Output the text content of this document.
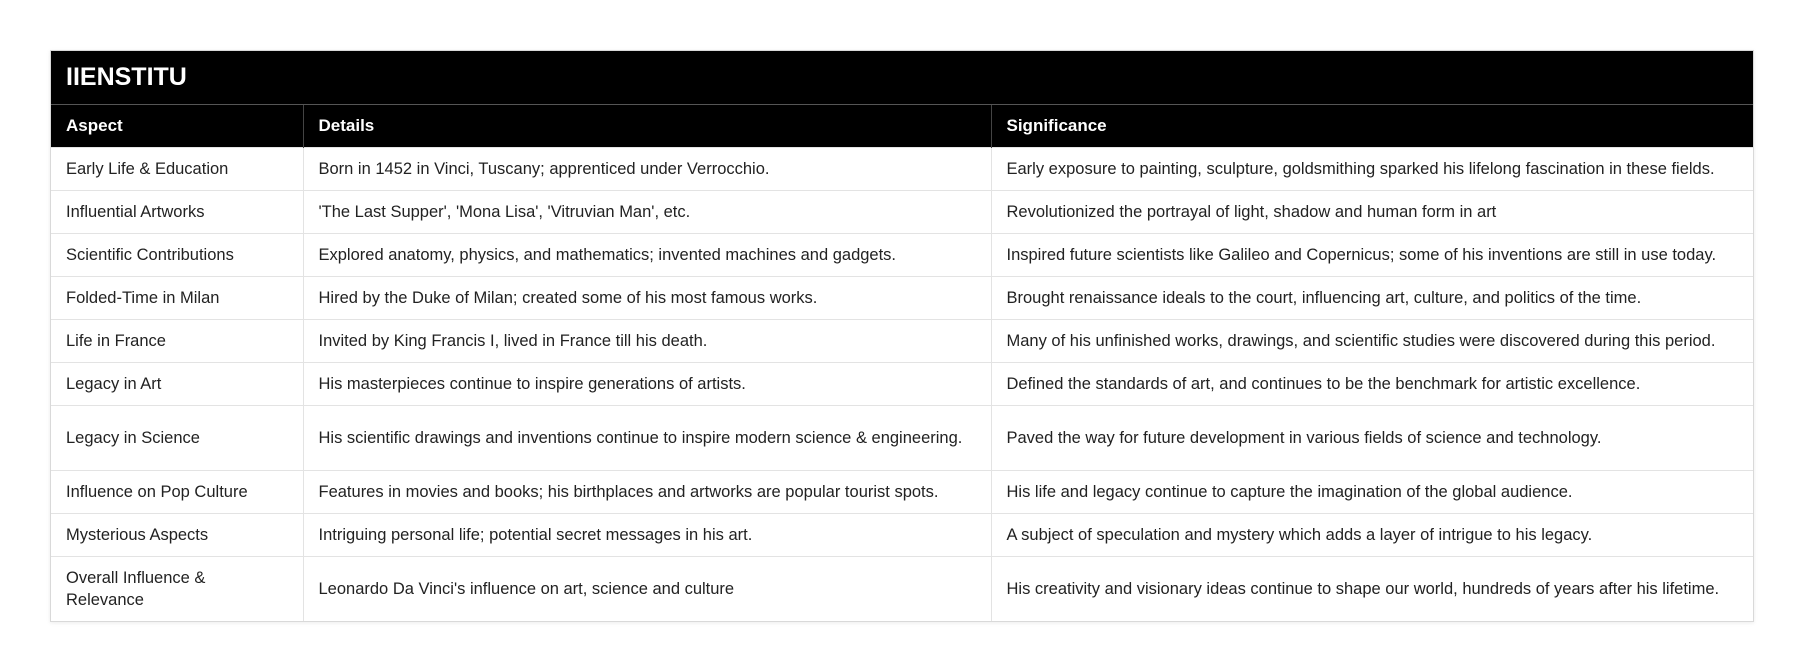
IIENSTITU		
Aspect	Details	Significance
Early Life & Education	Born in 1452 in Vinci, Tuscany; apprenticed under Verrocchio.	Early exposure to painting, sculpture, goldsmithing sparked his lifelong fascination in these fields.
Influential Artworks	'The Last Supper', 'Mona Lisa', 'Vitruvian Man', etc.	Revolutionized the portrayal of light, shadow and human form in art
Scientific Contributions	Explored anatomy, physics, and mathematics; invented machines and gadgets.	Inspired future scientists like Galileo and Copernicus; some of his inventions are still in use today.
Folded-Time in Milan	Hired by the Duke of Milan; created some of his most famous works.	Brought renaissance ideals to the court, influencing art, culture, and politics of the time.
Life in France	Invited by King Francis I, lived in France till his death.	Many of his unfinished works, drawings, and scientific studies were discovered during this period.
Legacy in Art	His masterpieces continue to inspire generations of artists.	Defined the standards of art, and continues to be the benchmark for artistic excellence.
Legacy in Science	His scientific drawings and inventions continue to inspire modern science & engineering.	Paved the way for future development in various fields of science and technology.
Influence on Pop Culture	Features in movies and books; his birthplaces and artworks are popular tourist spots.	His life and legacy continue to capture the imagination of the global audience.
Mysterious Aspects	Intriguing personal life; potential secret messages in his art.	A subject of speculation and mystery which adds a layer of intrigue to his legacy.
Overall Influence & Relevance	Leonardo Da Vinci's influence on art, science and culture	His creativity and visionary ideas continue to shape our world, hundreds of years after his lifetime.
